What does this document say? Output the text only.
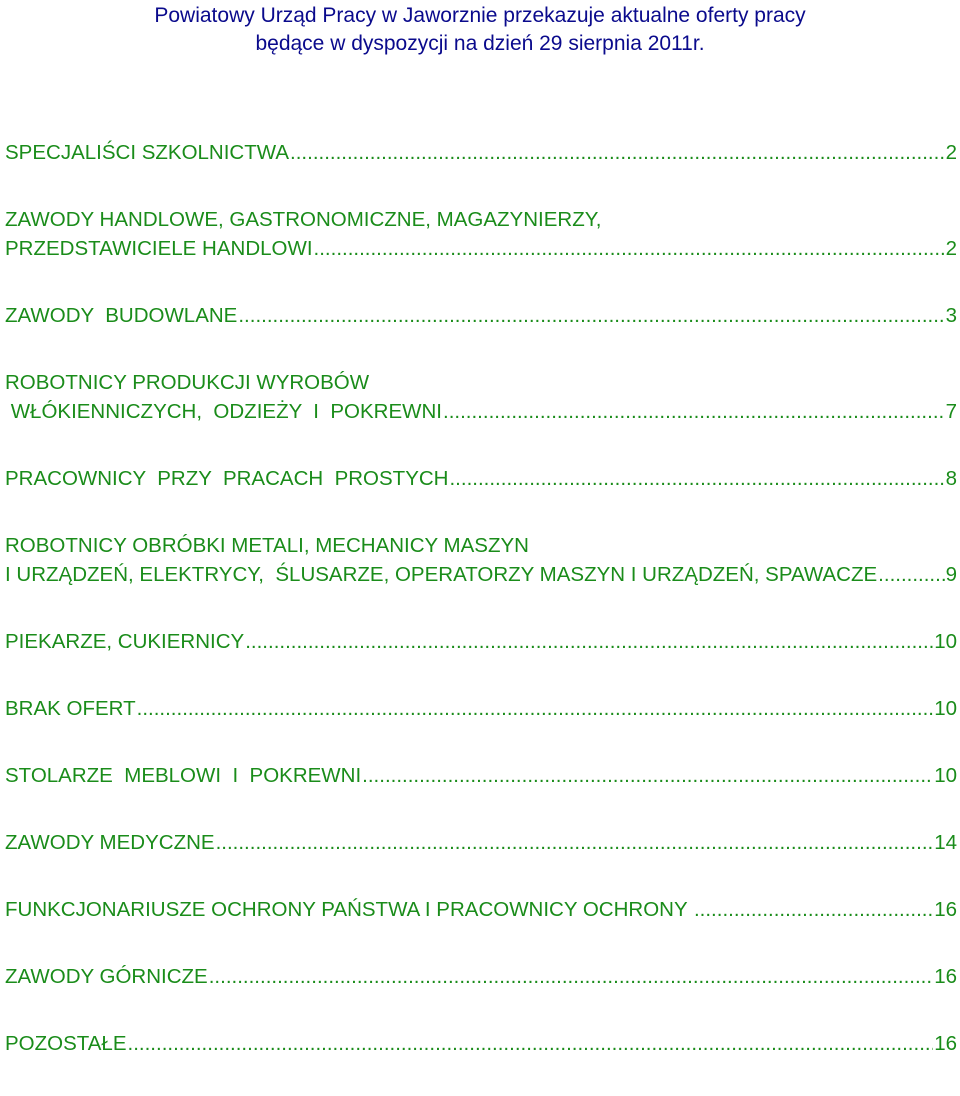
Powiatowy Urząd Pracy w Jaworznie przekazuje aktualne oferty pracy
będące w dyspozycji na dzień 29 sierpnia 2011r.
SPECJALIŚCI SZKOLNICTWA .....	2
ZAWODY HANDLOWE, GASTRONOMICZNE, MAGAZYNIERZY,
PRZEDSTAWICIELE HANDLOWI .....	2
ZAWODY  BUDOWLANE .....	3
ROBOTNICY PRODUKCJI WYROBÓW
WŁÓKIENNICZYCH,  ODZIEŻY  I  POKREWNI .....	7
PRACOWNICY  PRZY  PRACACH  PROSTYCH .....	8
ROBOTNICY OBRÓBKI METALI, MECHANICY MASZYN
I URZĄDZEŃ, ELEKTRYCY,  ŚLUSARZE, OPERATORZY MASZYN I URZĄDZEŃ, SPAWACZE .....	9
PIEKARZE, CUKIERNICY .....	10
BRAK OFERT .....	10
STOLARZE  MEBLOWI  I  POKREWNI .....	10
ZAWODY MEDYCZNE .....	14
FUNKCJONARIUSZE OCHRONY PAŃSTWA I PRACOWNICY OCHRONY .....	16
ZAWODY GÓRNICZE .....	16
POZOSTAŁE .....	16
